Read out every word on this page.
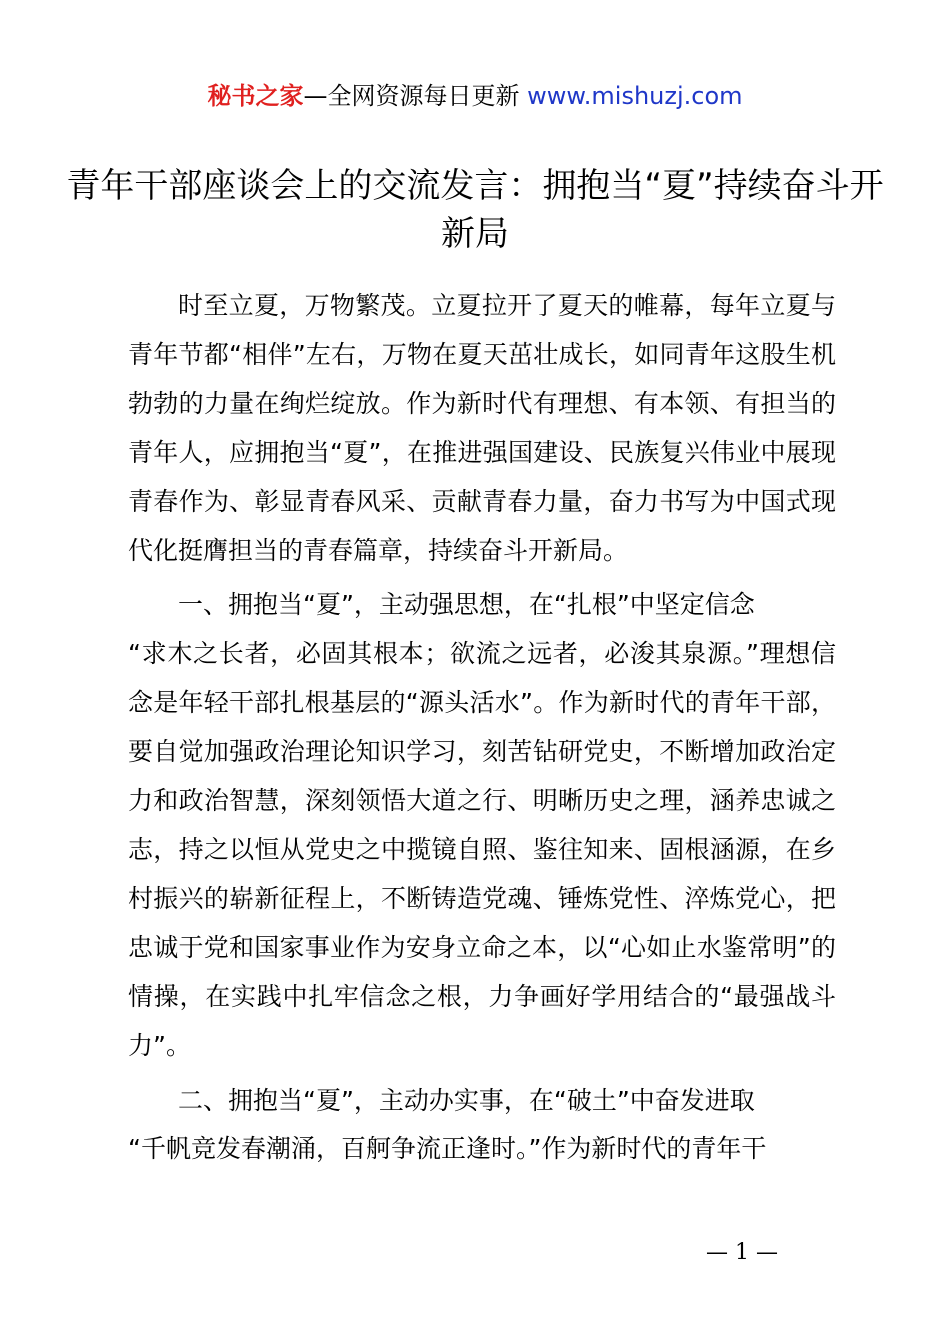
秘书之家—全网资源每日更新 www.mishuzj.com
青年干部座谈会上的交流发言：拥抱当“夏”持续奋斗开新局

时至立夏，万物繁茂。立夏拉开了夏天的帷幕，每年立夏与青年节都“相伴”左右，万物在夏天茁壮成长，如同青年这股生机勃勃的力量在绚烂绽放。作为新时代有理想、有本领、有担当的青年人，应拥抱当“夏”，在推进强国建设、民族复兴伟业中展现青春作为、彰显青春风采、贡献青春力量，奋力书写为中国式现代化挺膺担当的青春篇章，持续奋斗开新局。

一、拥抱当“夏”，主动强思想，在“扎根”中坚定信念

“求木之长者，必固其根本；欲流之远者，必浚其泉源。”理想信念是年轻干部扎根基层的“源头活水”。作为新时代的青年干部，要自觉加强政治理论知识学习，刻苦钻研党史，不断增加政治定力和政治智慧，深刻领悟大道之行、明晰历史之理，涵养忠诚之志，持之以恒从党史之中揽镜自照、鉴往知来、固根涵源，在乡村振兴的崭新征程上，不断铸造党魂、锤炼党性、淬炼党心，把忠诚于党和国家事业作为安身立命之本，以“心如止水鉴常明”的情操，在实践中扎牢信念之根，力争画好学用结合的“最强战斗力”。

二、拥抱当“夏”，主动办实事，在“破土”中奋发进取

“千帆竞发春潮涌，百舸争流正逢时。”作为新时代的青年干

— 1 —
